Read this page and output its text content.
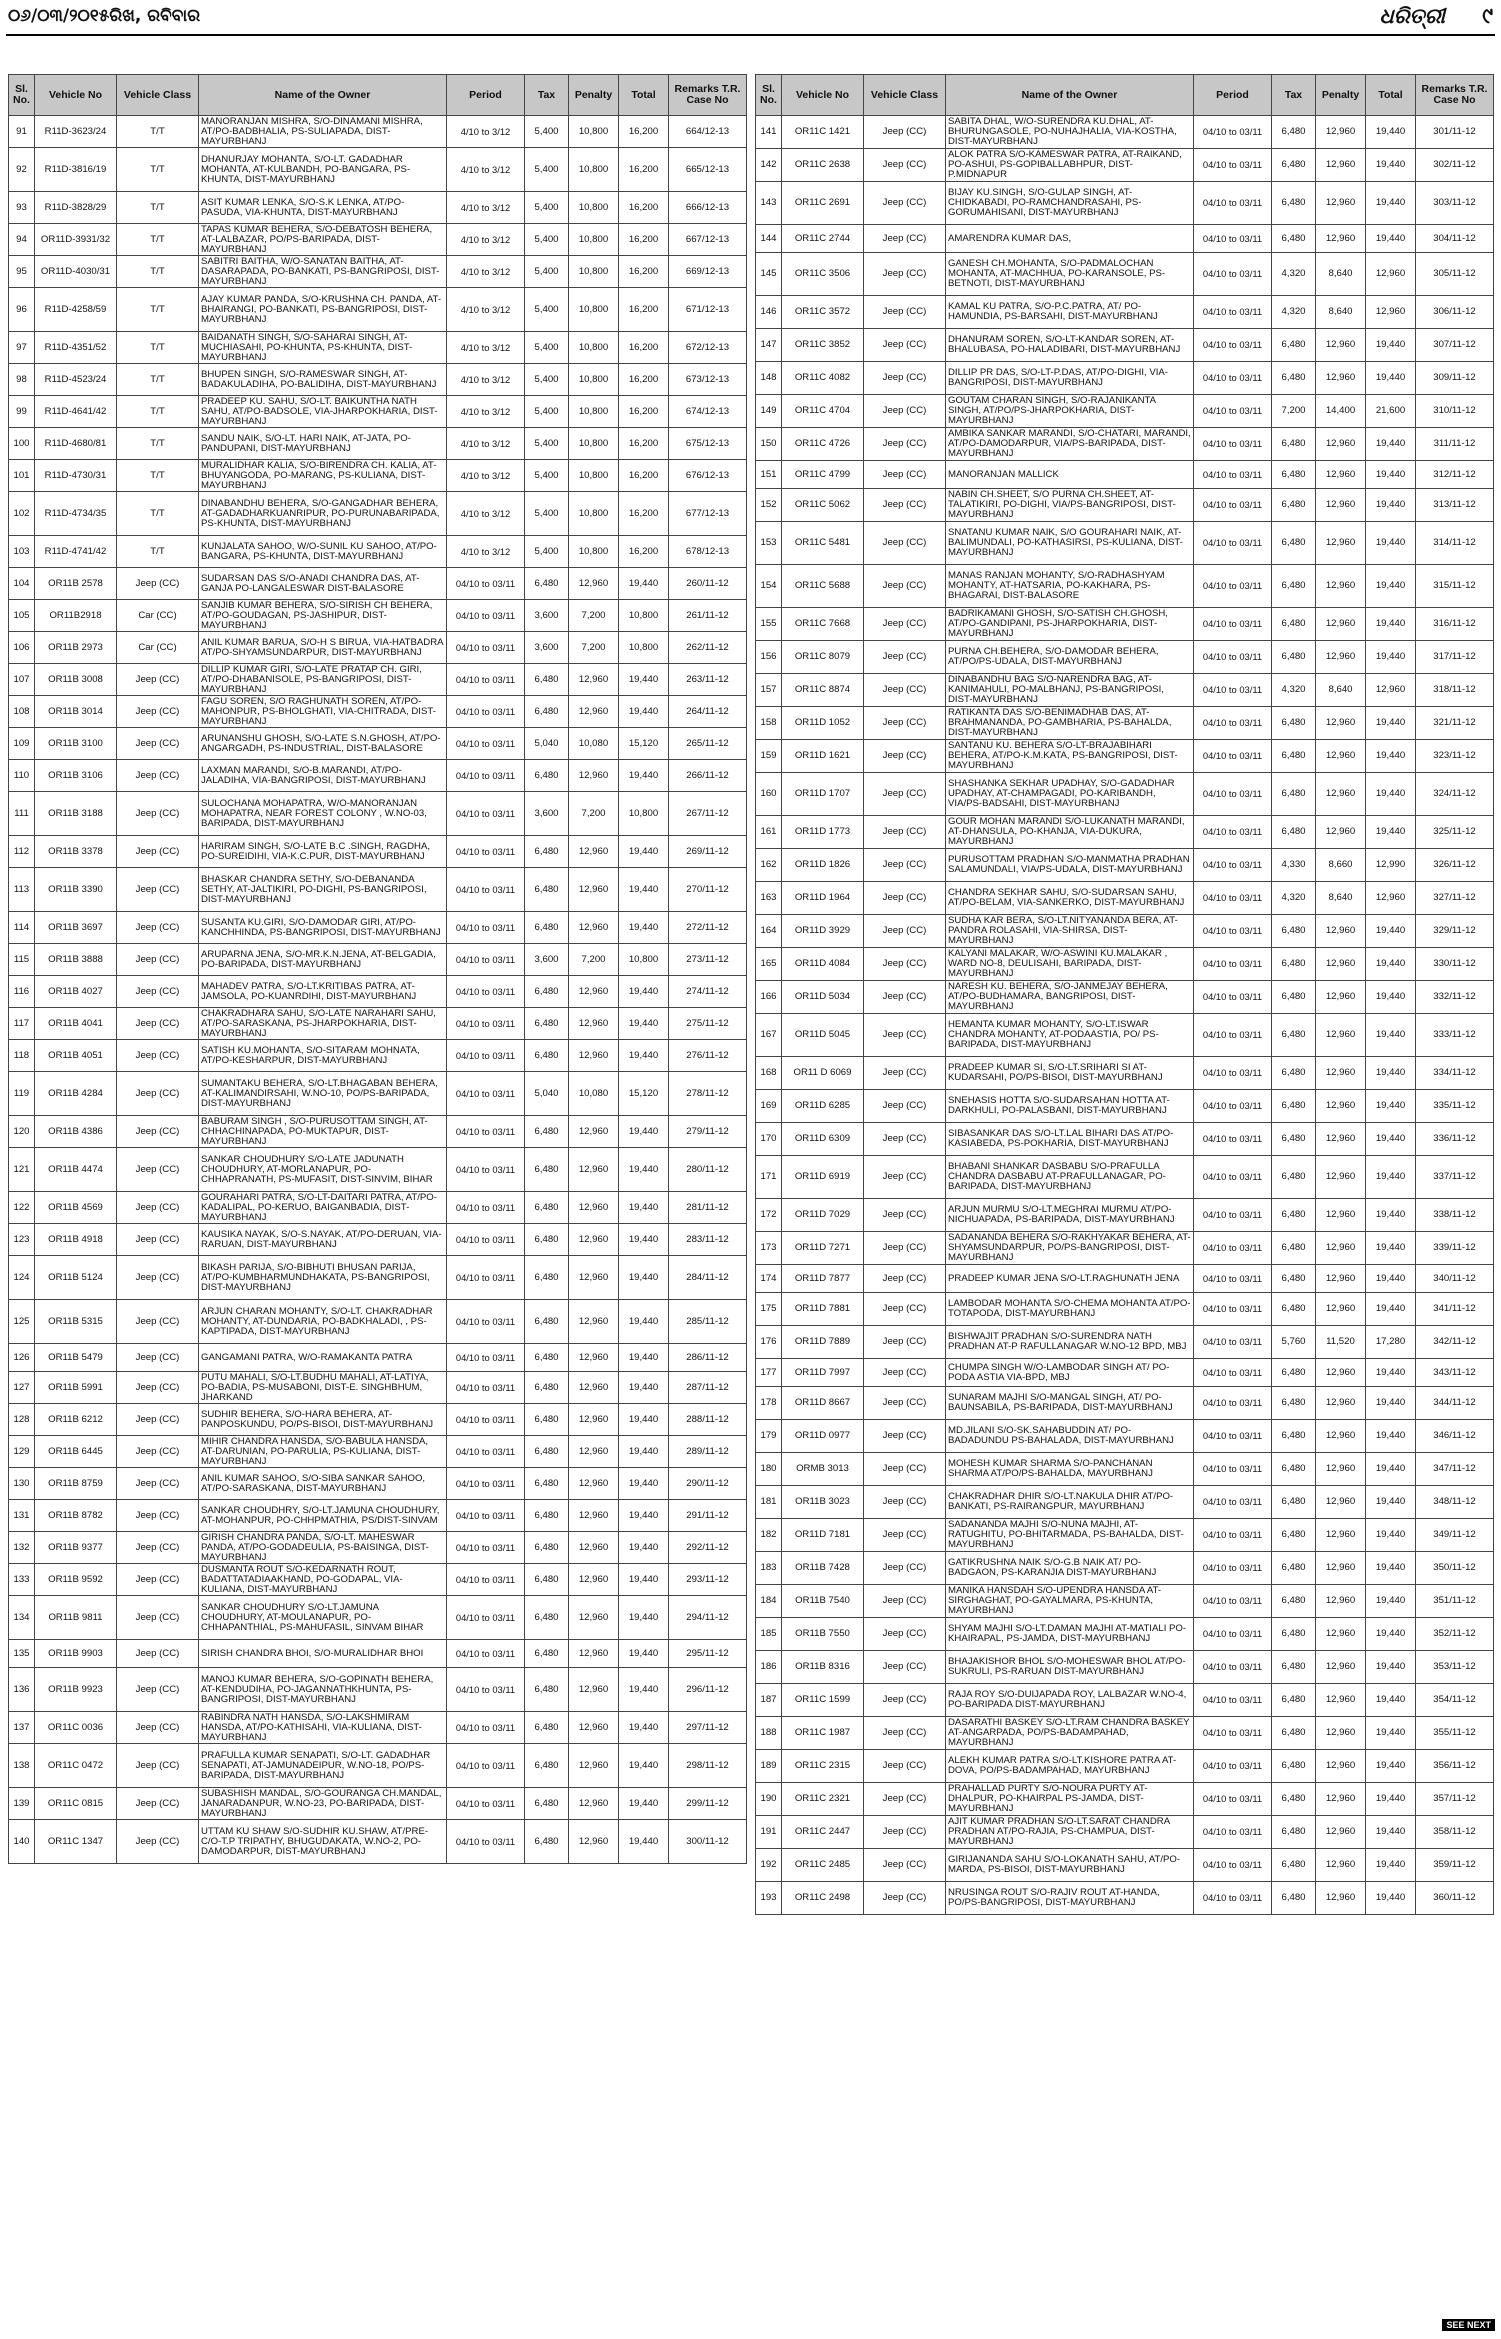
୦୬/୦୩/୨୦୧୫ରିଖ, ରବିବାର	ଧରିତ୍ରୀ ୯
Sl. No.	Vehicle No	Vehicle Class	Name of the Owner	Period	Tax	Penalty	Total	Remarks T.R. Case No
91	R11D-3623/24	T/T	MANORANJAN MISHRA, S/O-DINAMANI MISHRA, AT/PO-BADBHALIA, PS-SULIAPADA, DIST-MAYURBHANJ	4/10 to 3/12	5,400	10,800	16,200	664/12-13
92	R11D-3816/19	T/T	DHANURJAY MOHANTA, S/O-LT. GADADHAR MOHANTA, AT-KULBANDH, PO-BANGARA, PS-KHUNTA, DIST-MAYURBHANJ	4/10 to 3/12	5,400	10,800	16,200	665/12-13
93	R11D-3828/29	T/T	ASIT KUMAR LENKA, S/O-S.K LENKA, AT/PO-PASUDA, VIA-KHUNTA, DIST-MAYURBHANJ	4/10 to 3/12	5,400	10,800	16,200	666/12-13
94	OR11D-3931/32	T/T	TAPAS KUMAR BEHERA, S/O-DEBATOSH BEHERA, AT-LALBAZAR, PO/PS-BARIPADA, DIST-MAYURBHANJ	4/10 to 3/12	5,400	10,800	16,200	667/12-13
95	OR11D-4030/31	T/T	SABITRI BAITHA, W/O-SANATAN BAITHA, AT-DASARAPADA, PO-BANKATI, PS-BANGRIPOSI, DIST-MAYURBHANJ	4/10 to 3/12	5,400	10,800	16,200	669/12-13
96	R11D-4258/59	T/T	AJAY KUMAR PANDA, S/O-KRUSHNA CH. PANDA, AT-BHAIRANGI, PO-BANKATI, PS-BANGRIPOSI, DIST-MAYURBHANJ	4/10 to 3/12	5,400	10,800	16,200	671/12-13
97	R11D-4351/52	T/T	BAIDANATH SINGH, S/O-SAHARAI SINGH, AT-MUCHIASAHI, PO-KHUNTA, PS-KHUNTA, DIST-MAYURBHANJ	4/10 to 3/12	5,400	10,800	16,200	672/12-13
98	R11D-4523/24	T/T	BHUPEN SINGH, S/O-RAMESWAR SINGH, AT-BADAKULADIHA, PO-BALIDIHA, DIST-MAYURBHANJ	4/10 to 3/12	5,400	10,800	16,200	673/12-13
99	R11D-4641/42	T/T	PRADEEP KU. SAHU, S/O-LT. BAIKUNTHA NATH SAHU, AT/PO-BADSOLE, VIA-JHARPOKHARIA, DIST-MAYURBHANJ	4/10 to 3/12	5,400	10,800	16,200	674/12-13
100	R11D-4680/81	T/T	SANDU NAIK, S/O-LT. HARI NAIK, AT-JATA, PO-PANDUPANI, DIST-MAYURBHANJ	4/10 to 3/12	5,400	10,800	16,200	675/12-13
101	R11D-4730/31	T/T	MURALIDHAR KALIA, S/O-BIRENDRA CH. KALIA, AT-BHUYANGODA, PO-MARANG, PS-KULIANA, DIST-MAYURBHANJ	4/10 to 3/12	5,400	10,800	16,200	676/12-13
102	R11D-4734/35	T/T	DINABANDHU BEHERA, S/O-GANGADHAR BEHERA, AT-GADADHARKUANRIPUR, PO-PURUNABARIPADA, PS-KHUNTA, DIST-MAYURBHANJ	4/10 to 3/12	5,400	10,800	16,200	677/12-13
103	R11D-4741/42	T/T	KUNJALATA SAHOO, W/O-SUNIL KU SAHOO, AT/PO-BANGARA, PS-KHUNTA, DIST-MAYURBHANJ	4/10 to 3/12	5,400	10,800	16,200	678/12-13
104	OR11B 2578	Jeep (CC)	SUDARSAN DAS S/O-ANADI CHANDRA DAS, AT-GANJA PO-LANGALESWAR DIST-BALASORE	04/10 to 03/11	6,480	12,960	19,440	260/11-12
105	OR11B2918	Car (CC)	SANJIB KUMAR BEHERA, S/O-SIRISH CH BEHERA, AT/PO-GOUDAGAN, PS-JASHIPUR, DIST-MAYURBHANJ	04/10 to 03/11	3,600	7,200	10,800	261/11-12
106	OR11B 2973	Car (CC)	ANIL KUMAR BARUA, S/O-H S BIRUA, VIA-HATBADRA AT/PO-SHYAMSUNDARPUR, DIST-MAYURBHANJ	04/10 to 03/11	3,600	7,200	10,800	262/11-12
107	OR11B 3008	Jeep (CC)	DILLIP KUMAR GIRI, S/O-LATE PRATAP CH. GIRI, AT/PO-DHABANISOLE, PS-BANGRIPOSI, DIST-MAYURBHANJ	04/10 to 03/11	6,480	12,960	19,440	263/11-12
108	OR11B 3014	Jeep (CC)	FAGU SOREN, S/O RAGHUNATH SOREN, AT/PO-MAHONPUR, PS-BHOLGHATI, VIA-CHITRADA, DIST-MAYURBHANJ	04/10 to 03/11	6,480	12,960	19,440	264/11-12
109	OR11B 3100	Jeep (CC)	ARUNANSHU GHOSH, S/O-LATE S.N.GHOSH, AT/PO-ANGARGADH, PS-INDUSTRIAL, DIST-BALASORE	04/10 to 03/11	5,040	10,080	15,120	265/11-12
110	OR11B 3106	Jeep (CC)	LAXMAN MARANDI, S/O-B.MARANDI, AT/PO-JALADIHA, VIA-BANGRIPOSI, DIST-MAYURBHANJ	04/10 to 03/11	6,480	12,960	19,440	266/11-12
111	OR11B 3188	Jeep (CC)	SULOCHANA MOHAPATRA, W/O-MANORANJAN MOHAPATRA, NEAR FOREST COLONY , W.NO-03, BARIPADA, DIST-MAYURBHANJ	04/10 to 03/11	3,600	7,200	10,800	267/11-12
112	OR11B 3378	Jeep (CC)	HARIRAM SINGH, S/O-LATE B.C .SINGH, RAGDHA, PO-SUREIDIHI, VIA-K.C.PUR, DIST-MAYURBHANJ	04/10 to 03/11	6,480	12,960	19,440	269/11-12
113	OR11B 3390	Jeep (CC)	BHASKAR CHANDRA SETHY, S/O-DEBANANDA SETHY, AT-JALTIKIRI, PO-DIGHI, PS-BANGRIPOSI, DIST-MAYURBHANJ	04/10 to 03/11	6,480	12,960	19,440	270/11-12
114	OR11B 3697	Jeep (CC)	SUSANTA KU.GIRI, S/O-DAMODAR GIRI, AT/PO-KANCHHINDA, PS-BANGRIPOSI, DIST-MAYURBHANJ	04/10 to 03/11	6,480	12,960	19,440	272/11-12
115	OR11B 3888	Jeep (CC)	ARUPARNA JENA, S/O-MR.K.N.JENA, AT-BELGADIA, PO-BARIPADA, DIST-MAYURBHANJ	04/10 to 03/11	3,600	7,200	10,800	273/11-12
116	OR11B 4027	Jeep (CC)	MAHADEV PATRA, S/O-LT.KRITIBAS PATRA, AT-JAMSOLA, PO-KUANRDIHI, DIST-MAYURBHANJ	04/10 to 03/11	6,480	12,960	19,440	274/11-12
117	OR11B 4041	Jeep (CC)	CHAKRADHARA SAHU, S/O-LATE NARAHARI SAHU, AT/PO-SARASKANA, PS-JHARPOKHARIA, DIST-MAYURBHANJ	04/10 to 03/11	6,480	12,960	19,440	275/11-12
118	OR11B 4051	Jeep (CC)	SATISH KU.MOHANTA, S/O-SITARAM MOHNATA, AT/PO-KESHARPUR, DIST-MAYURBHANJ	04/10 to 03/11	6,480	12,960	19,440	276/11-12
119	OR11B 4284	Jeep (CC)	SUMANTAKU BEHERA, S/O-LT.BHAGABAN BEHERA, AT-KALIMANDIRSAHI, W.NO-10, PO/PS-BARIPADA, DIST-MAYURBHANJ	04/10 to 03/11	5,040	10,080	15,120	278/11-12
120	OR11B 4386	Jeep (CC)	BABURAM SINGH , S/O-PURUSOTTAM SINGH, AT-CHHACHINAPADA, PO-MUKTAPUR, DIST-MAYURBHANJ	04/10 to 03/11	6,480	12,960	19,440	279/11-12
121	OR11B 4474	Jeep (CC)	SANKAR CHOUDHURY S/O-LATE JADUNATH CHOUDHURY, AT-MORLANAPUR, PO-CHHAPRANATH, PS-MUFASIT, DIST-SINVIM, BIHAR	04/10 to 03/11	6,480	12,960	19,440	280/11-12
122	OR11B 4569	Jeep (CC)	GOURAHARI PATRA, S/O-LT-DAITARI PATRA, AT/PO-KADALIPAL, PO-KERUO, BAIGANBADIA, DIST-MAYURBHANJ	04/10 to 03/11	6,480	12,960	19,440	281/11-12
123	OR11B 4918	Jeep (CC)	KAUSIKA NAYAK, S/O-S.NAYAK, AT/PO-DERUAN, VIA-RARUAN, DIST-MAYURBHANJ	04/10 to 03/11	6,480	12,960	19,440	283/11-12
124	OR11B 5124	Jeep (CC)	BIKASH PARIJA, S/O-BIBHUTI BHUSAN PARIJA, AT/PO-KUMBHARMUNDHAKATA, PS-BANGRIPOSI, DIST-MAYURBHANJ	04/10 to 03/11	6,480	12,960	19,440	284/11-12
125	OR11B 5315	Jeep (CC)	ARJUN CHARAN MOHANTY, S/O-LT. CHAKRADHAR MOHANTY, AT-DUNDARIA, PO-BADKHALADI, , PS-KAPTIPADA, DIST-MAYURBHANJ	04/10 to 03/11	6,480	12,960	19,440	285/11-12
126	OR11B 5479	Jeep (CC)	GANGAMANI PATRA, W/O-RAMAKANTA PATRA	04/10 to 03/11	6,480	12,960	19,440	286/11-12
127	OR11B 5991	Jeep (CC)	PUTU MAHALI, S/O-LT.BUDHU MAHALI, AT-LATIYA, PO-BADIA, PS-MUSABONI, DIST-E. SINGHBHUM, JHARKAND	04/10 to 03/11	6,480	12,960	19,440	287/11-12
128	OR11B 6212	Jeep (CC)	SUDHIR BEHERA, S/O-HARA BEHERA, AT-PANPOSKUNDU, PO/PS-BISOI, DIST-MAYURBHANJ	04/10 to 03/11	6,480	12,960	19,440	288/11-12
129	OR11B 6445	Jeep (CC)	MIHIR CHANDRA HANSDA, S/O-BABULA HANSDA, AT-DARUNIAN, PO-PARULIA, PS-KULIANA, DIST-MAYURBHANJ	04/10 to 03/11	6,480	12,960	19,440	289/11-12
130	OR11B 8759	Jeep (CC)	ANIL KUMAR SAHOO, S/O-SIBA SANKAR SAHOO, AT/PO-SARASKANA, DIST-MAYURBHANJ	04/10 to 03/11	6,480	12,960	19,440	290/11-12
131	OR11B 8782	Jeep (CC)	SANKAR CHOUDHRY, S/O-LT.JAMUNA CHOUDHURY, AT-MOHANPUR, PO-CHHPMATHIA, PS/DIST-SINVAM	04/10 to 03/11	6,480	12,960	19,440	291/11-12
132	OR11B 9377	Jeep (CC)	GIRISH CHANDRA PANDA, S/O-LT. MAHESWAR PANDA, AT/PO-GODADEULIA, PS-BAISINGA, DIST-MAYURBHANJ	04/10 to 03/11	6,480	12,960	19,440	292/11-12
133	OR11B 9592	Jeep (CC)	DUSMANTA ROUT S/O-KEDARNATH ROUT, BADATTATADIAAKHAND, PO-GODAPAL, VIA-KULIANA, DIST-MAYURBHANJ	04/10 to 03/11	6,480	12,960	19,440	293/11-12
134	OR11B 9811	Jeep (CC)	SANKAR CHOUDHURY S/O-LT.JAMUNA CHOUDHURY, AT-MOULANAPUR, PO-CHHAPANTHIAL, PS-MAHUFASIL, SINVAM BIHAR	04/10 to 03/11	6,480	12,960	19,440	294/11-12
135	OR11B 9903	Jeep (CC)	SIRISH CHANDRA BHOI, S/O-MURALIDHAR BHOI	04/10 to 03/11	6,480	12,960	19,440	295/11-12
136	OR11B 9923	Jeep (CC)	MANOJ KUMAR BEHERA, S/O-GOPINATH BEHERA, AT-KENDUDIHA, PO-JAGANNATHKHUNTA, PS-BANGRIPOSI, DIST-MAYURBHANJ	04/10 to 03/11	6,480	12,960	19,440	296/11-12
137	OR11C 0036	Jeep (CC)	RABINDRA NATH HANSDA, S/O-LAKSHMIRAM HANSDA, AT/PO-KATHISAHI, VIA-KULIANA, DIST-MAYURBHANJ	04/10 to 03/11	6,480	12,960	19,440	297/11-12
138	OR11C 0472	Jeep (CC)	PRAFULLA KUMAR SENAPATI, S/O-LT. GADADHAR SENAPATI, AT-JAMUNADEIPUR, W.NO-18, PO/PS-BARIPADA, DIST-MAYURBHANJ	04/10 to 03/11	6,480	12,960	19,440	298/11-12
139	OR11C 0815	Jeep (CC)	SUBASHISH MANDAL, S/O-GOURANGA CH.MANDAL, JANARADANPUR, W.NO-23, PO-BARIPADA, DIST-MAYURBHANJ	04/10 to 03/11	6,480	12,960	19,440	299/11-12
140	OR11C 1347	Jeep (CC)	UTTAM KU SHAW S/O-SUDHIR KU.SHAW, AT/PRE-C/O-T.P TRIPATHY, BHUGUDAKATA, W.NO-2, PO-DAMODARPUR, DIST-MAYURBHANJ	04/10 to 03/11	6,480	12,960	19,440	300/11-12
Sl. No.	Vehicle No	Vehicle Class	Name of the Owner	Period	Tax	Penalty	Total	Remarks T.R. Case No
141	OR11C 1421	Jeep (CC)	SABITA DHAL, W/O-SURENDRA KU.DHAL, AT-BHURUNGASOLE, PO-NUHAJHALIA, VIA-KOSTHA, DIST-MAYURBHANJ	04/10 to 03/11	6,480	12,960	19,440	301/11-12
142	OR11C 2638	Jeep (CC)	ALOK PATRA S/O-KAMESWAR PATRA, AT-RAIKAND, PO-ASHUI, PS-GOPIBALLABHPUR, DIST-P.MIDNAPUR	04/10 to 03/11	6,480	12,960	19,440	302/11-12
143	OR11C 2691	Jeep (CC)	BIJAY KU.SINGH, S/O-GULAP SINGH, AT-CHIDKABADI, PO-RAMCHANDRASAHI, PS-GORUMAHISANI, DIST-MAYURBHANJ	04/10 to 03/11	6,480	12,960	19,440	303/11-12
144	OR11C 2744	Jeep (CC)	AMARENDRA KUMAR DAS,	04/10 to 03/11	6,480	12,960	19,440	304/11-12
145	OR11C 3506	Jeep (CC)	GANESH CH.MOHANTA, S/O-PADMALOCHAN MOHANTA, AT-MACHHUA, PO-KARANSOLE, PS-BETNOTI, DIST-MAYURBHANJ	04/10 to 03/11	4,320	8,640	12,960	305/11-12
146	OR11C 3572	Jeep (CC)	KAMAL KU PATRA, S/O-P.C.PATRA, AT/ PO-HAMUNDIA, PS-BARSAHI, DIST-MAYURBHANJ	04/10 to 03/11	4,320	8,640	12,960	306/11-12
147	OR11C 3852	Jeep (CC)	DHANURAM SOREN, S/O-LT-KANDAR SOREN, AT-BHALUBASA, PO-HALADIBARI, DIST-MAYURBHANJ	04/10 to 03/11	6,480	12,960	19,440	307/11-12
148	OR11C 4082	Jeep (CC)	DILLIP PR DAS, S/O-LT-P.DAS, AT/PO-DIGHI, VIA-BANGRIPOSI, DIST-MAYURBHANJ	04/10 to 03/11	6,480	12,960	19,440	309/11-12
149	OR11C 4704	Jeep (CC)	GOUTAM CHARAN SINGH, S/O-RAJANIKANTA SINGH, AT/PO/PS-JHARPOKHARIA, DIST-MAYURBHANJ	04/10 to 03/11	7,200	14,400	21,600	310/11-12
150	OR11C 4726	Jeep (CC)	AMBIKA SANKAR MARANDI, S/O-CHATARI, MARANDI, AT/PO-DAMODARPUR, VIA/PS-BARIPADA, DIST-MAYURBHANJ	04/10 to 03/11	6,480	12,960	19,440	311/11-12
151	OR11C 4799	Jeep (CC)	MANORANJAN MALLICK	04/10 to 03/11	6,480	12,960	19,440	312/11-12
152	OR11C 5062	Jeep (CC)	NABIN CH.SHEET, S/O PURNA CH.SHEET, AT-TALATIKIRI, PO-DIGHI, VIA/PS-BANGRIPOSI, DIST-MAYURBHANJ	04/10 to 03/11	6,480	12,960	19,440	313/11-12
153	OR11C 5481	Jeep (CC)	SNATANU KUMAR NAIK, S/O GOURAHARI NAIK, AT-BALIMUNDALI, PO-KATHASIRSI, PS-KULIANA, DIST-MAYURBHANJ	04/10 to 03/11	6,480	12,960	19,440	314/11-12
154	OR11C 5688	Jeep (CC)	MANAS RANJAN MOHANTY, S/O-RADHASHYAM MOHANTY, AT-HATSARIA, PO-KAKHARA, PS-BHAGARAI, DIST-BALASORE	04/10 to 03/11	6,480	12,960	19,440	315/11-12
155	OR11C 7668	Jeep (CC)	BADRIKAMANI GHOSH, S/O-SATISH CH.GHOSH, AT/PO-GANDIPANI, PS-JHARPOKHARIA, DIST-MAYURBHANJ	04/10 to 03/11	6,480	12,960	19,440	316/11-12
156	OR11C 8079	Jeep (CC)	PURNA CH.BEHERA, S/O-DAMODAR BEHERA, AT/PO/PS-UDALA, DIST-MAYURBHANJ	04/10 to 03/11	6,480	12,960	19,440	317/11-12
157	OR11C 8874	Jeep (CC)	DINABANDHU BAG S/O-NARENDRA BAG, AT-KANIMAHULI, PO-MALBHANJ, PS-BANGRIPOSI, DIST-MAYURBHANJ	04/10 to 03/11	4,320	8,640	12,960	318/11-12
158	OR11D 1052	Jeep (CC)	RATIKANTA DAS S/O-BENIMADHAB DAS, AT-BRAHMANANDA, PO-GAMBHARIA, PS-BAHALDA, DIST-MAYURBHANJ	04/10 to 03/11	6,480	12,960	19,440	321/11-12
159	OR11D 1621	Jeep (CC)	SANTANU KU. BEHERA S/O-LT-BRAJABIHARI BEHERA, AT/PO-K.M.KATA, PS-BANGRIPOSI, DIST-MAYURBHANJ	04/10 to 03/11	6,480	12,960	19,440	323/11-12
160	OR11D 1707	Jeep (CC)	SHASHANKA SEKHAR UPADHAY, S/O-GADADHAR UPADHAY, AT-CHAMPAGADI, PO-KARIBANDH, VIA/PS-BADSAHI, DIST-MAYURBHANJ	04/10 to 03/11	6,480	12,960	19,440	324/11-12
161	OR11D 1773	Jeep (CC)	GOUR MOHAN MARANDI S/O-LUKANATH MARANDI, AT-DHANSULA, PO-KHANJA, VIA-DUKURA, MAYURBHANJ	04/10 to 03/11	6,480	12,960	19,440	325/11-12
162	OR11D 1826	Jeep (CC)	PURUSOTTAM PRADHAN S/O-MANMATHA PRADHAN SALAMUNDALI, VIA/PS-UDALA, DIST-MAYURBHANJ	04/10 to 03/11	4,330	8,660	12,990	326/11-12
163	OR11D 1964	Jeep (CC)	CHANDRA SEKHAR SAHU, S/O-SUDARSAN SAHU, AT/PO-BELAM, VIA-SANKERKO, DIST-MAYURBHANJ	04/10 to 03/11	4,320	8,640	12,960	327/11-12
164	OR11D 3929	Jeep (CC)	SUDHA KAR BERA, S/O-LT.NITYANANDA BERA, AT-PANDRA ROLASAHI, VIA-SHIRSA, DIST-MAYURBHANJ	04/10 to 03/11	6,480	12,960	19,440	329/11-12
165	OR11D 4084	Jeep (CC)	KALYANI MALAKAR, W/O-ASWINI KU.MALAKAR , WARD NO-8, DEULISAHI, BARIPADA, DIST-MAYURBHANJ	04/10 to 03/11	6,480	12,960	19,440	330/11-12
166	OR11D 5034	Jeep (CC)	NARESH KU. BEHERA, S/O-JANMEJAY BEHERA, AT/PO-BUDHAMARA, BANGRIPOSI, DIST-MAYURBHANJ	04/10 to 03/11	6,480	12,960	19,440	332/11-12
167	OR11D 5045	Jeep (CC)	HEMANTA KUMAR MOHANTY, S/O-LT.ISWAR CHANDRA MOHANTY, AT-PODAASTIA, PO/ PS-BARIPADA, DIST-MAYURBHANJ	04/10 to 03/11	6,480	12,960	19,440	333/11-12
168	OR11 D 6069	Jeep (CC)	PRADEEP KUMAR SI, S/O-LT.SRIHARI SI AT-KUDARSAHI, PO/PS-BISOI, DIST-MAYURBHANJ	04/10 to 03/11	6,480	12,960	19,440	334/11-12
169	OR11D 6285	Jeep (CC)	SNEHASIS HOTTA S/O-SUDARSAHAN HOTTA AT-DARKHULI, PO-PALASBANI, DIST-MAYURBHANJ	04/10 to 03/11	6,480	12,960	19,440	335/11-12
170	OR11D 6309	Jeep (CC)	SIBASANKAR DAS S/O-LT.LAL BIHARI DAS AT/PO-KASIABEDA, PS-POKHARIA, DIST-MAYURBHANJ	04/10 to 03/11	6,480	12,960	19,440	336/11-12
171	OR11D 6919	Jeep (CC)	BHABANI SHANKAR DASBABU S/O-PRAFULLA CHANDRA DASBABU AT-PRAFULLANAGAR, PO-BARIPADA, DIST-MAYURBHANJ	04/10 to 03/11	6,480	12,960	19,440	337/11-12
172	OR11D 7029	Jeep (CC)	ARJUN MURMU S/O-LT.MEGHRAI MURMU AT/PO-NICHUAPADA, PS-BARIPADA, DIST-MAYURBHANJ	04/10 to 03/11	6,480	12,960	19,440	338/11-12
173	OR11D 7271	Jeep (CC)	SADANANDA BEHERA S/O-RAKHYAKAR BEHERA, AT-SHYAMSUNDARPUR, PO/PS-BANGRIPOSI, DIST-MAYURBHANJ	04/10 to 03/11	6,480	12,960	19,440	339/11-12
174	OR11D 7877	Jeep (CC)	PRADEEP KUMAR JENA S/O-LT.RAGHUNATH JENA	04/10 to 03/11	6,480	12,960	19,440	340/11-12
175	OR11D 7881	Jeep (CC)	LAMBODAR MOHANTA S/O-CHEMA MOHANTA AT/PO-TOTAPODA, DIST-MAYURBHANJ	04/10 to 03/11	6,480	12,960	19,440	341/11-12
176	OR11D 7889	Jeep (CC)	BISHWAJIT PRADHAN S/O-SURENDRA NATH PRADHAN AT-P RAFULLANAGAR W.NO-12 BPD, MBJ	04/10 to 03/11	5,760	11,520	17,280	342/11-12
177	OR11D 7997	Jeep (CC)	CHUMPA SINGH W/O-LAMBODAR SINGH AT/ PO-PODA ASTIA VIA-BPD, MBJ	04/10 to 03/11	6,480	12,960	19,440	343/11-12
178	OR11D 8667	Jeep (CC)	SUNARAM MAJHI S/O-MANGAL SINGH, AT/ PO-BAUNSABILA, PS-BARIPADA, DIST-MAYURBHANJ	04/10 to 03/11	6,480	12,960	19,440	344/11-12
179	OR11D 0977	Jeep (CC)	MD.JILANI S/O-SK.SAHABUDDIN AT/ PO-BADADUNDU PS-BAHALADA, DIST-MAYURBHANJ	04/10 to 03/11	6,480	12,960	19,440	346/11-12
180	ORMB 3013	Jeep (CC)	MOHESH KUMAR SHARMA S/O-PANCHANAN SHARMA AT/PO/PS-BAHALDA, MAYURBHANJ	04/10 to 03/11	6,480	12,960	19,440	347/11-12
181	OR11B 3023	Jeep (CC)	CHAKRADHAR DHIR S/O-LT.NAKULA DHIR AT/PO-BANKATI, PS-RAIRANGPUR, MAYURBHANJ	04/10 to 03/11	6,480	12,960	19,440	348/11-12
182	OR11D 7181	Jeep (CC)	SADANANDA MAJHI S/O-NUNA MAJHI, AT-RATUGHITU, PO-BHITARMADA, PS-BAHALDA, DIST-MAYURBHANJ	04/10 to 03/11	6,480	12,960	19,440	349/11-12
183	OR11B 7428	Jeep (CC)	GATIKRUSHNA NAIK S/O-G.B NAIK AT/ PO-BADGAON, PS-KARANJIA DIST-MAYURBHANJ	04/10 to 03/11	6,480	12,960	19,440	350/11-12
184	OR11B 7540	Jeep (CC)	MANIKA HANSDAH S/O-UPENDRA HANSDA AT-SIRGHAGHAT, PO-GAYALMARA, PS-KHUNTA, MAYURBHANJ	04/10 to 03/11	6,480	12,960	19,440	351/11-12
185	OR11B 7550	Jeep (CC)	SHYAM MAJHI S/O-LT.DAMAN MAJHI AT-MATIALI PO-KHAIRAPAL, PS-JAMDA, DIST-MAYURBHANJ	04/10 to 03/11	6,480	12,960	19,440	352/11-12
186	OR11B 8316	Jeep (CC)	BHAJAKISHOR BHOL S/O-MOHESWAR BHOL AT/PO-SUKRULI, PS-RARUAN DIST-MAYURBHANJ	04/10 to 03/11	6,480	12,960	19,440	353/11-12
187	OR11C 1599	Jeep (CC)	RAJA ROY S/O-DUIJAPADA ROY, LALBAZAR W.NO-4, PO-BARIPADA DIST-MAYURBHANJ	04/10 to 03/11	6,480	12,960	19,440	354/11-12
188	OR11C 1987	Jeep (CC)	DASARATHI BASKEY S/O-LT.RAM CHANDRA BASKEY AT-ANGARPADA, PO/PS-BADAMPAHAD, MAYURBHANJ	04/10 to 03/11	6,480	12,960	19,440	355/11-12
189	OR11C 2315	Jeep (CC)	ALEKH KUMAR PATRA S/O-LT.KISHORE PATRA AT-DOVA, PO/PS-BADAMPAHAD, MAYURBHANJ	04/10 to 03/11	6,480	12,960	19,440	356/11-12
190	OR11C 2321	Jeep (CC)	PRAHALLAD PURTY S/O-NOURA PURTY AT-DHALPUR, PO-KHAIRPAL PS-JAMDA, DIST-MAYURBHANJ	04/10 to 03/11	6,480	12,960	19,440	357/11-12
191	OR11C 2447	Jeep (CC)	AJIT KUMAR PRADHAN S/O-LT.SARAT CHANDRA PRADHAN AT/PO-RAJIA, PS-CHAMPUA, DIST-MAYURBHANJ	04/10 to 03/11	6,480	12,960	19,440	358/11-12
192	OR11C 2485	Jeep (CC)	GIRIJANANDA SAHU S/O-LOKANATH SAHU, AT/PO-MARDA, PS-BISOI, DIST-MAYURBHANJ	04/10 to 03/11	6,480	12,960	19,440	359/11-12
193	OR11C 2498	Jeep (CC)	NRUSINGA ROUT S/O-RAJIV ROUT AT-HANDA, PO/PS-BANGRIPOSI, DIST-MAYURBHANJ	04/10 to 03/11	6,480	12,960	19,440	360/11-12
SEE NEXT
